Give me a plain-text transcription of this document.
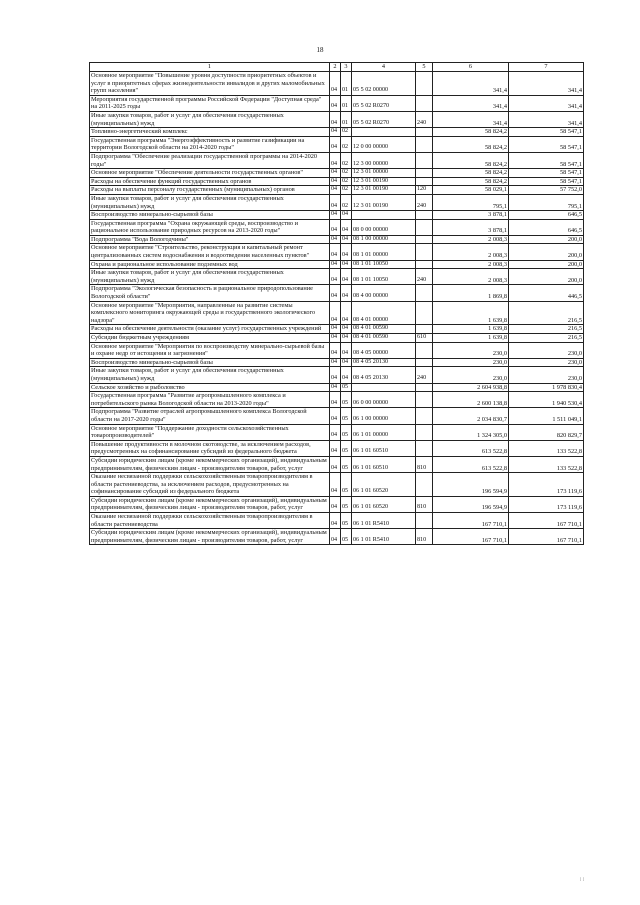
18
1	2	3	4	5	6	7
Основное мероприятие "Повышение уровня доступности приоритетных объектов и услуг в приоритетных сферах жизнедеятельности инвалидов и других маломобильных групп населения"	04	01	05 5 02 00000		341,4	341,4
Мероприятия государственной программы Российской Федерации "Доступная среда" на 2011-2025 годы	04	01	05 5 02 R0270		341,4	341,4
Иные закупки товаров, работ и услуг для обеспечения государственных (муниципальных) нужд	04	01	05 5 02 R0270	240	341,4	341,4
Топливно-энергетический комплекс	04	02			58 824,2	58 547,1
Государственная программа "Энергоэффективность и развитие газификации на территории Вологодской области на 2014-2020 годы"	04	02	12 0 00 00000		58 824,2	58 547,1
Подпрограмма "Обеспечение реализации государственной программы на 2014-2020 годы"	04	02	12 3 00 00000		58 824,2	58 547,1
Основное мероприятие "Обеспечение деятельности государственных органов"	04	02	12 3 01 00000		58 824,2	58 547,1
Расходы на обеспечение функций государственных органов	04	02	12 3 01 00190		58 824,2	58 547,1
Расходы на выплаты персоналу государственных (муниципальных) органов	04	02	12 3 01 00190	120	58 029,1	57 752,0
Иные закупки товаров, работ и услуг для обеспечения государственных (муниципальных) нужд	04	02	12 3 01 00190	240	795,1	795,1
Воспроизводство минерально-сырьевой базы	04	04			3 878,1	646,5
Государственная программа "Охрана окружающей среды, воспроизводство и рациональное использование природных ресурсов на 2013-2020 годы"	04	04	08 0 00 00000		3 878,1	646,5
Подпрограмма "Вода Вологодчины"	04	04	08 1 00 00000		2 008,3	200,0
Основное мероприятие "Строительство, реконструкция и капитальный ремонт централизованных систем водоснабжения и водоотведения населенных пунктов"	04	04	08 1 01 00000		2 008,3	200,0
Охрана и рациональное использование подземных вод	04	04	08 1 01 10050		2 008,3	200,0
Иные закупки товаров, работ и услуг для обеспечения государственных (муниципальных) нужд	04	04	08 1 01 10050	240	2 008,3	200,0
Подпрограмма "Экологическая безопасность и рациональное природопользование Вологодской области"	04	04	08 4 00 00000		1 869,8	446,5
Основное мероприятие "Мероприятия, направленные на развитие системы комплексного мониторинга окружающей среды и государственного экологического надзора"	04	04	08 4 01 00000		1 639,8	216,5
Расходы на обеспечение деятельности (оказание услуг) государственных учреждений	04	04	08 4 01 00590		1 639,8	216,5
Субсидии бюджетным учреждениям	04	04	08 4 01 00590	610	1 639,8	216,5
Основное мероприятие "Мероприятия по воспроизводству минерально-сырьевой базы и охране недр от истощения и загрязнения"	04	04	08 4 05 00000		230,0	230,0
Воспроизводство минерально-сырьевой базы	04	04	08 4 05 20130		230,0	230,0
Иные закупки товаров, работ и услуг для обеспечения государственных (муниципальных) нужд	04	04	08 4 05 20130	240	230,0	230,0
Сельское хозяйство и рыболовство	04	05			2 604 938,8	1 978 830,4
Государственная программа "Развитие агропромышленного комплекса и потребительского рынка Вологодской области на 2013-2020 годы"	04	05	06 0 00 00000		2 600 138,8	1 940 530,4
Подпрограмма "Развитие отраслей агропромышленного комплекса Вологодской области на 2017-2020 годы"	04	05	06 1 00 00000		2 034 830,7	1 511 049,1
Основное мероприятие "Поддержание доходности сельскохозяйственных товаропроизводителей"	04	05	06 1 01 00000		1 324 305,0	820 829,7
Повышение продуктивности в молочном скотоводстве, за исключением расходов, предусмотренных на софинансирование субсидий из федерального бюджета	04	05	06 1 01 60510		613 522,8	133 522,8
Субсидии юридическим лицам (кроме некоммерческих организаций), индивидуальным предпринимателям, физическим лицам - производителям товаров, работ, услуг	04	05	06 1 01 60510	810	613 522,8	133 522,8
Оказание несвязанной поддержки сельскохозяйственным товаропроизводителям в области растениеводства, за исключением расходов, предусмотренных на софинансирование субсидий из федерального бюджета	04	05	06 1 01 60520		196 594,9	173 119,6
Субсидии юридическим лицам (кроме некоммерческих организаций), индивидуальным предпринимателям, физическим лицам - производителям товаров, работ, услуг	04	05	06 1 01 60520	810	196 594,9	173 119,6
Оказание несвязанной поддержки сельскохозяйственным товаропроизводителям в области растениеводства	04	05	06 1 01 R5410		167 710,1	167 710,1
Субсидии юридическим лицам (кроме некоммерческих организаций), индивидуальным предпринимателям, физическим лицам - производителям товаров, работ, услуг	04	05	06 1 01 R5410	810	167 710,1	167 710,1
⁞ ⁞
